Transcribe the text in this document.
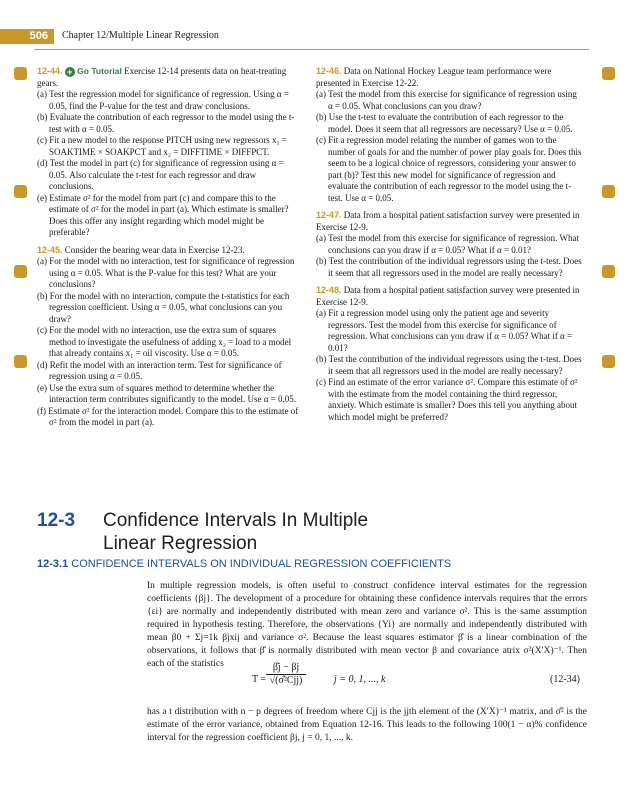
506	Chapter 12/Multiple Linear Regression
12-44. + Go Tutorial Exercise 12-14 presents data on heat-treating gears.

(a) Test the regression model for significance of regression. Using α = 0.05, find the P-value for the test and draw conclusions.

(b) Evaluate the contribution of each regressor to the model using the t-test with α = 0.05.

(c) Fit a new model to the response PITCH using new regressors x₁ = SOAKTIME × SOAKPCT and x₂ = DIFFTIME × DIFFPCT.

(d) Test the model in part (c) for significance of regression using α = 0.05. Also calculate the t-test for each regressor and draw conclusions.

(e) Estimate σ² for the model from part (c) and compare this to the estimate of σ² for the model in part (a). Which estimate is smaller? Does this offer any insight regarding which model might be preferable?

12-45. Consider the bearing wear data in Exercise 12-23.

(a) For the model with no interaction, test for significance of regression using α = 0.05. What is the P-value for this test? What are your conclusions?

(b) For the model with no interaction, compute the t-statistics for each regression coefficient. Using α = 0.05, what conclusions can you draw?

(c) For the model with no interaction, use the extra sum of squares method to investigate the usefulness of adding x₂ = load to a model that already contains x₁ = oil viscosity. Use α = 0.05.

(d) Refit the model with an interaction term. Test for significance of regression using α = 0.05.

(e) Use the extra sum of squares method to determine whether the interaction term contributes significantly to the model. Use α = 0.05.

(f) Estimate σ² for the interaction model. Compare this to the estimate of σ² from the model in part (a).

12-46. Data on National Hockey League team performance were presented in Exercise 12-22.

(a) Test the model from this exercise for significance of regression using α = 0.05. What conclusions can you draw?

(b) Use the t-test to evaluate the contribution of each regressor to the model. Does it seem that all regressors are necessary? Use α = 0.05.

(c) Fit a regression model relating the number of games won to the number of goals for and the number of power play goals for. Does this seem to be a logical choice of regressors, considering your answer to part (b)? Test this new model for significance of regression and evaluate the contribution of each regressor to the model using the t-test. Use α = 0.05.

12-47. Data from a hospital patient satisfaction survey were presented in Exercise 12-9.

(a) Test the model from this exercise for significance of regression. What conclusions can you draw if α = 0.05? What if α = 0.01?

(b) Test the contribution of the individual regressors using the t-test. Does it seem that all regressors used in the model are really necessary?

12-48. Data from a hospital patient satisfaction survey were presented in Exercise 12-9.

(a) Fit a regression model using only the patient age and severity regressors. Test the model from this exercise for significance of regression. What conclusions can you draw if α = 0.05? What if α = 0.01?

(b) Test the contribution of the individual regressors using the t-test. Does it seem that all regressors used in the model are really necessary?

(c) Find an estimate of the error variance σ². Compare this estimate of σ² with the estimate from the model containing the third regressor, anxiety. Which estimate is smaller? Does this tell you anything about which model might be preferred?

12-3 Confidence Intervals In Multiple
Linear Regression
12-3.1 CONFIDENCE INTERVALS ON INDIVIDUAL REGRESSION COEFFICIENTS
In multiple regression models, is often useful to construct confidence interval estimates for the regression coefficients {βj}. The development of a procedure for obtaining these confidence intervals requires that the errors {εi} are normally and independently distributed with mean zero and variance σ². This is the same assumption required in hypothesis testing. Therefore, the observations {Yi} are normally and independently distributed with mean β0 + Σj=1k βjxij and variance σ². Because the least squares estimator β̂ is a linear combination of the observations, it follows that β̂ is normally distributed with mean vector β and covariance atrix σ²(X′X)⁻¹. Then each of the statistics
T =
β̂j − βj
√(σ̂²Cjj)	j = 0, 1, ..., k	(12-34)
has a t distribution with n − p degrees of freedom where Cjj is the jjth element of the (X′X)⁻¹ matrix, and σ̂² is the estimate of the error variance, obtained from Equation 12-16. This leads to the following 100(1 − α)% confidence interval for the regression coefficient βj, j = 0, 1, ..., k.
